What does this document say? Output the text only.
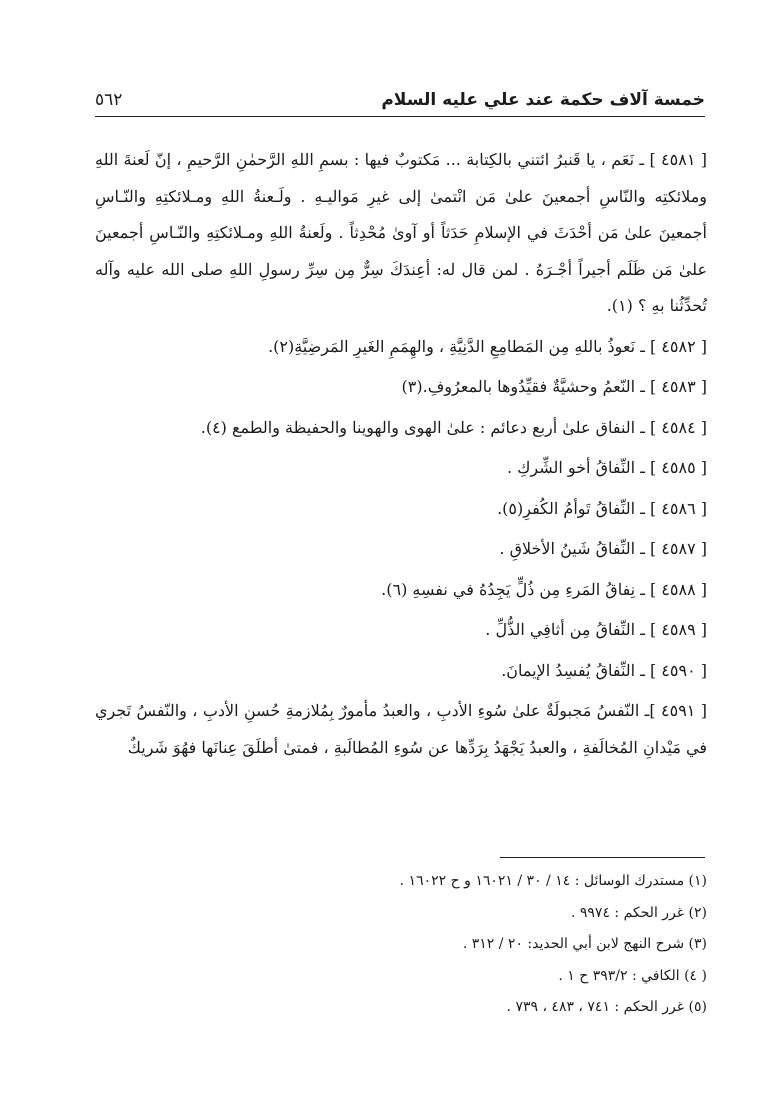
خمسة آلاف حكمة عند علي عليه السلام
٥٦٢

[ ٤٥٨١ ] ـ نَعَم ، يا قَنبرُ ائتني بالكِتابة ... مَكتوبٌ فيها : بسمِ اللهِ الرَّحمٰنِ الرَّحيمِ ، إنّ لَعنةَ اللهِ وملائكتِه والنّاسِ أجمعينَ علىٰ مَن انْتمىٰ إلى غيرِ مَواليـهِ . ولَـعنةُ اللهِ ومـلائكتِهِ والنّـاسِ أجمعينَ علىٰ مَن أحْدَثَ في الإسلامِ حَدَثاً أو آوىٰ مُحْدِثاً . ولَعنةُ اللهِ ومـلائكتِهِ والنّـاسِ أجمعينَ علىٰ مَن ظَلَم أجيراً أجْـرَهُ . لمن قال له: أعِندَكَ سِرٌّ مِن سِرِّ رسولِ اللهِ صلى الله عليه وآله تُحدِّثُنا بهِ ؟ (١).

[ ٤٥٨٢ ] ـ نَعوذُ باللهِ مِن المَطامِعِ الدَّنِيَّةِ ، والهِمَمِ الغَيرِ المَرضِيَّةِ(٢).

[ ٤٥٨٣ ] ـ النّعمُ وحشيَّةٌ فقيِّدُوها بالمعرُوفِ.(٣)

[ ٤٥٨٤ ] ـ النفاق علىٰ أربع دعائم : علىٰ الهوى والهوينا والحفيظة والطمع (٤).

[ ٤٥٨٥ ] ـ النِّفاقُ أخو الشِّركِ .

[ ٤٥٨٦ ] ـ النِّفاقُ تَوأمُ الكُفرِ(٥).

[ ٤٥٨٧ ] ـ النِّفاقُ شَينُ الأخلاقِ .

[ ٤٥٨٨ ] ـ نِفاقُ المَرءِ مِن ذُلٍّ يَجِدُهُ في نفسِهِ (٦).

[ ٤٥٨٩ ] ـ النِّفاقُ مِن أثافِي الذُّلِّ .

[ ٤٥٩٠ ] ـ النِّفاقُ يُفسِدُ الإيمانَ.

[ ٤٥٩١ ]ـ النّفسُ مَجبولَةٌ علىٰ سُوءِ الأدبِ ، والعبدُ مأمورٌ بِمُلازمةِ حُسنِ الأدبِ ، والنّفسُ تَجري في مَيْدانِ المُخالَفةِ ، والعبدُ يَجْهَدُ بِرَدِّها عن سُوءِ المُطالَبةِ ، فمتىٰ أطلَقَ عِنانَها فهُوَ شَريكٌ

(١) مستدرك الوسائل : ١٤ / ٣٠ / ١٦٠٢١ و ح ١٦٠٢٢ .

(٢) غرر الحكم : ٩٩٧٤ .

(٣) شرح النهج لابن أبي الحديد: ٢٠ / ٣١٢ .

( ٤) الكافي : ٣٩٣/٢ ح ١ .

(٥) غرر الحكم : ٧٤١ ، ٤٨٣ ، ٧٣٩ .
